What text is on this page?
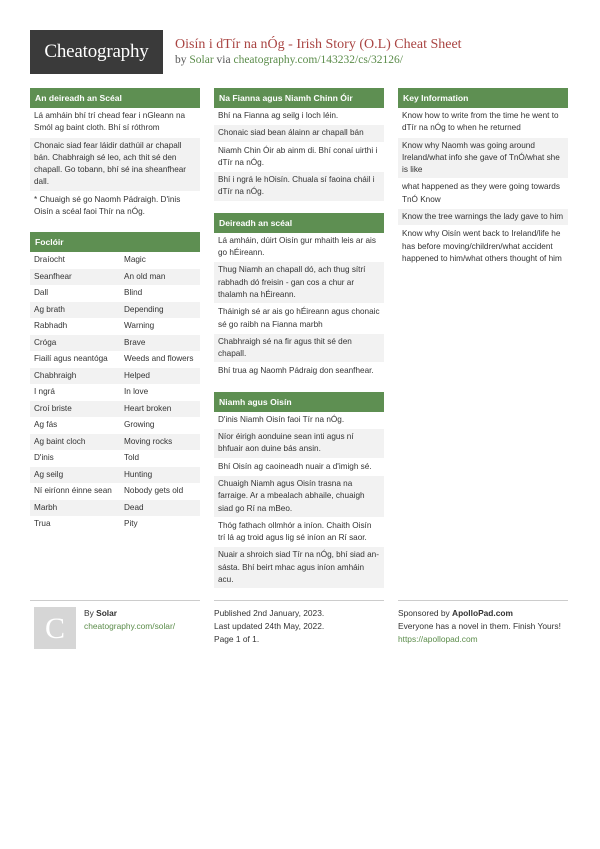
Cheatography	Oisín i dTír na nÓg - Irish Story (O.L) Cheat Sheet
by Solar via cheatography.com/143232/cs/32126/
An deireadh an Scéal
Lá amháin bhí trí chead fear i nGleann na Smól ag baint cloth. Bhí sí róthrom
Chonaic siad fear láidir dathúil ar chapall bán. Chabhraigh sé leo, ach thit sé den chapall. Go tobann, bhí sé ina sheanfhear dall.
* Chuaigh sé go Naomh Pádraigh. D'inis Oisín a scéal faoi Thír na nÓg.
Foclóir
Draíocht	Magic
Seanfhear	An old man
Dall	Blind
Ag brath	Depending
Rabhadh	Warning
Cróga	Brave
Fiailí agus neantóga	Weeds and flowers
Chabhraigh	Helped
I ngrá	In love
Croí briste	Heart broken
Ag fás	Growing
Ag baint cloch	Moving rocks
D'inis	Told
Ag seilg	Hunting
Ní eiríonn éinne sean	Nobody gets old
Marbh	Dead
Trua	Pity
Na Fianna agus Niamh Chinn Óir
Bhí na Fianna ag seilg i loch léin.
Chonaic siad bean álainn ar chapall bán
Niamh Chin Óir ab ainm di. Bhí conaí uirthi i dTír na nÓg.
Bhí i ngrá le hOisín. Chuala sí faoina cháil i dTír na nÓg.
Deireadh an scéal
Lá amháin, dúirt Oisín gur mhaith leis ar ais go hÉireann.
Thug Niamh an chapall dó, ach thug sítrí rabhadh dó freisin - gan cos a chur ar thalamh na hÉireann.
Tháinigh sé ar ais go hÉireann agus chonaic sé go raibh na Fianna marbh
Chabhraigh sé na fir agus thit sé den chapall.
Bhí trua ag Naomh Pádraig don seanfhear.
Niamh agus Oisín
D'inis Niamh Oisín faoi Tír na nÓg.
Níor éirigh aonduine sean inti agus ní bhfuair aon duine bás ansin.
Bhí Oisín ag caoineadh nuair a d'imigh sé.
Chuaigh Niamh agus Oisín trasna na farraige. Ar a mbealach abhaile, chuaigh siad go Rí na mBeo.
Thóg fathach ollmhór a iníon. Chaith Oisín trí lá ag troid agus lig sé iníon an Rí saor.
Nuair a shroich siad Tír na nÓg, bhí siad an-sásta. Bhí beirt mhac agus iníon amháin acu.
Key Information
Know how to write from the time he went to dTír na nÓg to when he returned
Know why Naomh was going around Ireland/what info she gave of TnÓ/what she is like
what happened as they were going towards TnÓ Know
Know the tree warnings the lady gave to him
Know why Oisín went back to Ireland/life he has before moving/children/what accident happened to him/what others thought of him
C	By Solar
cheatography.com/solar/
Published 2nd January, 2023.
Last updated 24th May, 2022.
Page 1 of 1.
Sponsored by ApolloPad.com
Everyone has a novel in them. Finish Yours!
https://apollopad.com
